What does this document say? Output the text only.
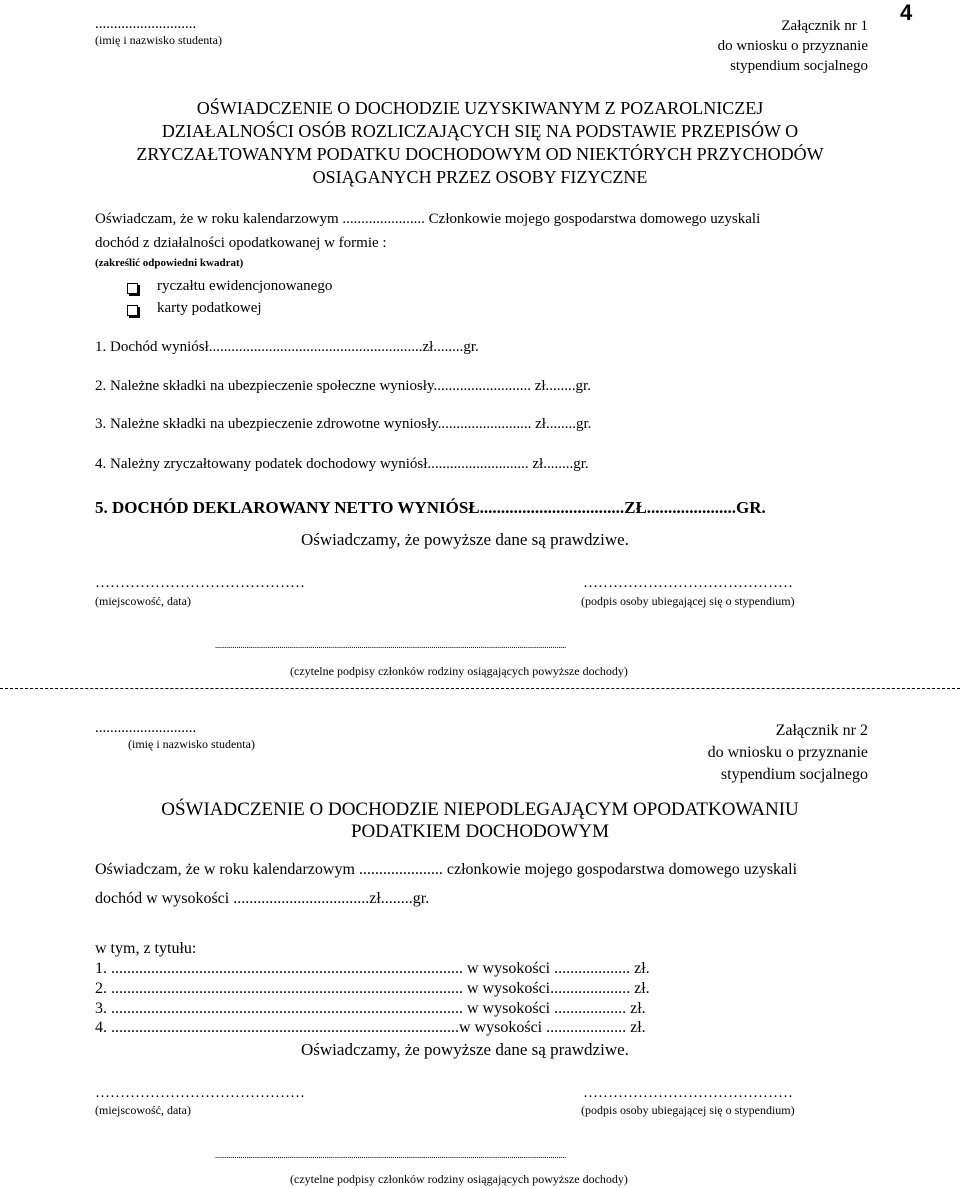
4
...........................
(imię i nazwisko studenta)
Załącznik nr 1
do wniosku o przyznanie
stypendium socjalnego
OŚWIADCZENIE O DOCHODZIE UZYSKIWANYM Z POZAROLNICZEJ
DZIAŁALNOŚCI OSÓB ROZLICZAJĄCYCH SIĘ NA PODSTAWIE PRZEPISÓW O
ZRYCZAŁTOWANYM PODATKU DOCHODOWYM OD NIEKTÓRYCH PRZYCHODÓW
OSIĄGANYCH PRZEZ OSOBY FIZYCZNE
Oświadczam, że w roku kalendarzowym ...................... Członkowie mojego gospodarstwa domowego uzyskali
dochód z działalności opodatkowanej w formie :
(zakreślić odpowiedni kwadrat)
ryczałtu ewidencjonowanego
karty podatkowej
1. Dochód wyniósł.........................................................zł........gr.
2. Należne składki na ubezpieczenie społeczne wyniosły.......................... zł........gr.
3. Należne składki na ubezpieczenie zdrowotne wyniosły......................... zł........gr.
4. Należny zryczałtowany podatek dochodowy wyniósł........................... zł........gr.
5. DOCHÓD DEKLAROWANY NETTO WYNIÓSŁ..................................ZŁ.....................GR.
Oświadczamy, że powyższe dane są prawdziwe.
……………………………………
(miejscowość, data)
……………………………………
(podpis osoby ubiegającej się o stypendium)
....................................................................................................................................................................................
(czytelne podpisy członków rodziny osiągających powyższe dochody)
...........................
(imię i nazwisko studenta)
Załącznik nr 2
do wniosku o przyznanie
stypendium socjalnego
OŚWIADCZENIE O DOCHODZIE NIEPODLEGAJĄCYM OPODATKOWANIU
PODATKIEM DOCHODOWYM
Oświadczam, że w roku kalendarzowym ..................... członkowie mojego gospodarstwa domowego uzyskali
dochód w wysokości ..................................zł........gr.
w tym, z tytułu:
1. ........................................................................................ w wysokości ................... zł.
2. ........................................................................................ w wysokości.................... zł.
3. ........................................................................................ w wysokości .................. zł.
4. .......................................................................................w wysokości .................... zł.
Oświadczamy, że powyższe dane są prawdziwe.
……………………………………
(miejscowość, data)
……………………………………
(podpis osoby ubiegającej się o stypendium)
....................................................................................................................................................................................
(czytelne podpisy członków rodziny osiągających powyższe dochody)
